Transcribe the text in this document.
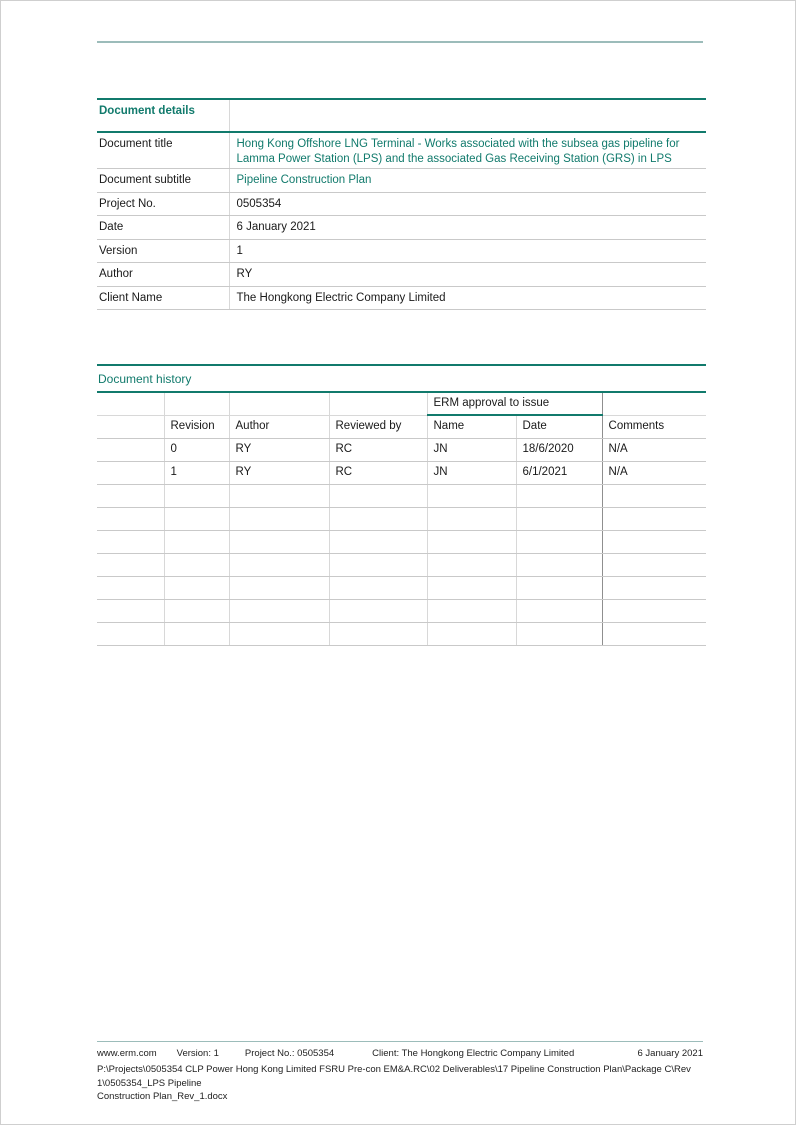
Document details	
Document title	Hong Kong Offshore LNG Terminal - Works associated with the subsea gas pipeline for Lamma Power Station (LPS) and the associated Gas Receiving Station (GRS) in LPS
Document subtitle	Pipeline Construction Plan
Project No.	0505354
Date	6 January 2021
Version	1
Author	RY
Client Name	The Hongkong Electric Company Limited
Document history
				ERM approval to issue		
	Revision	Author	Reviewed by	Name	Date	Comments
	0	RY	RC	JN	18/6/2020	N/A
	1	RY	RC	JN	6/1/2021	N/A

www.erm.com Version: 1	Project No.: 0505354	Client: The Hongkong Electric Company Limited	6 January 2021
P:\Projects\0505354 CLP Power Hong Kong Limited FSRU Pre-con EM&A.RC\02 Deliverables\17 Pipeline Construction Plan\Package C\Rev 1\0505354_LPS Pipeline
Construction Plan_Rev_1.docx
